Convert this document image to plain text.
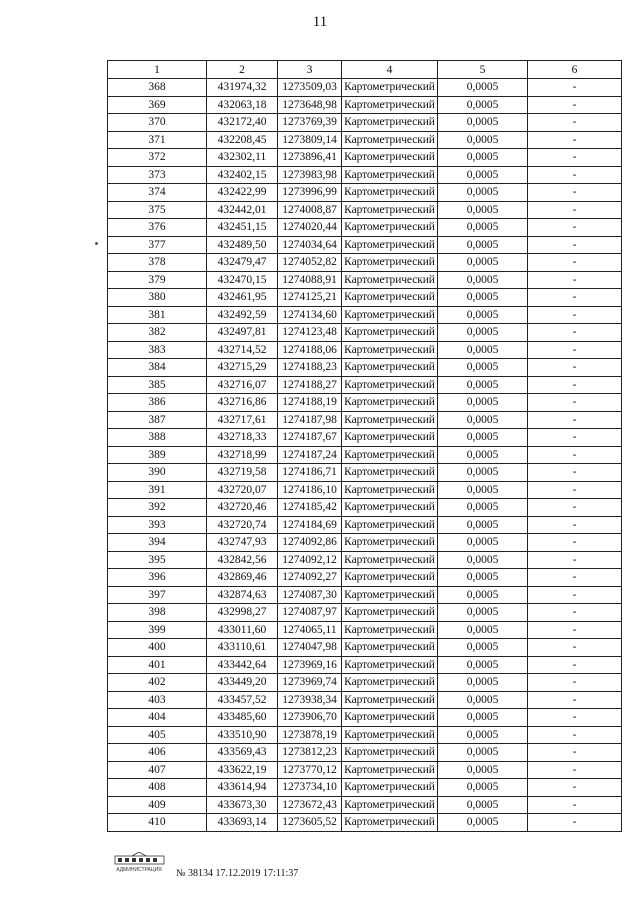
11
1	2	3	4	5	6
368	431974,32	1273509,03	Картометрический	0,0005	-
369	432063,18	1273648,98	Картометрический	0,0005	-
370	432172,40	1273769,39	Картометрический	0,0005	-
371	432208,45	1273809,14	Картометрический	0,0005	-
372	432302,11	1273896,41	Картометрический	0,0005	-
373	432402,15	1273983,98	Картометрический	0,0005	-
374	432422,99	1273996,99	Картометрический	0,0005	-
375	432442,01	1274008,87	Картометрический	0,0005	-
376	432451,15	1274020,44	Картометрический	0,0005	-
377	432489,50	1274034,64	Картометрический	0,0005	-
378	432479,47	1274052,82	Картометрический	0,0005	-
379	432470,15	1274088,91	Картометрический	0,0005	-
380	432461,95	1274125,21	Картометрический	0,0005	-
381	432492,59	1274134,60	Картометрический	0,0005	-
382	432497,81	1274123,48	Картометрический	0,0005	-
383	432714,52	1274188,06	Картометрический	0,0005	-
384	432715,29	1274188,23	Картометрический	0,0005	-
385	432716,07	1274188,27	Картометрический	0,0005	-
386	432716,86	1274188,19	Картометрический	0,0005	-
387	432717,61	1274187,98	Картометрический	0,0005	-
388	432718,33	1274187,67	Картометрический	0,0005	-
389	432718,99	1274187,24	Картометрический	0,0005	-
390	432719,58	1274186,71	Картометрический	0,0005	-
391	432720,07	1274186,10	Картометрический	0,0005	-
392	432720,46	1274185,42	Картометрический	0,0005	-
393	432720,74	1274184,69	Картометрический	0,0005	-
394	432747,93	1274092,86	Картометрический	0,0005	-
395	432842,56	1274092,12	Картометрический	0,0005	-
396	432869,46	1274092,27	Картометрический	0,0005	-
397	432874,63	1274087,30	Картометрический	0,0005	-
398	432998,27	1274087,97	Картометрический	0,0005	-
399	433011,60	1274065,11	Картометрический	0,0005	-
400	433110,61	1274047,98	Картометрический	0,0005	-
401	433442,64	1273969,16	Картометрический	0,0005	-
402	433449,20	1273969,74	Картометрический	0,0005	-
403	433457,52	1273938,34	Картометрический	0,0005	-
404	433485,60	1273906,70	Картометрический	0,0005	-
405	433510,90	1273878,19	Картометрический	0,0005	-
406	433569,43	1273812,23	Картометрический	0,0005	-
407	433622,19	1273770,12	Картометрический	0,0005	-
408	433614,94	1273734,10	Картометрический	0,0005	-
409	433673,30	1273672,43	Картометрический	0,0005	-
410	433693,14	1273605,52	Картометрический	0,0005	-
АДМИНИСТРАЦИЯ № 38134 17.12.2019 17:11:37
